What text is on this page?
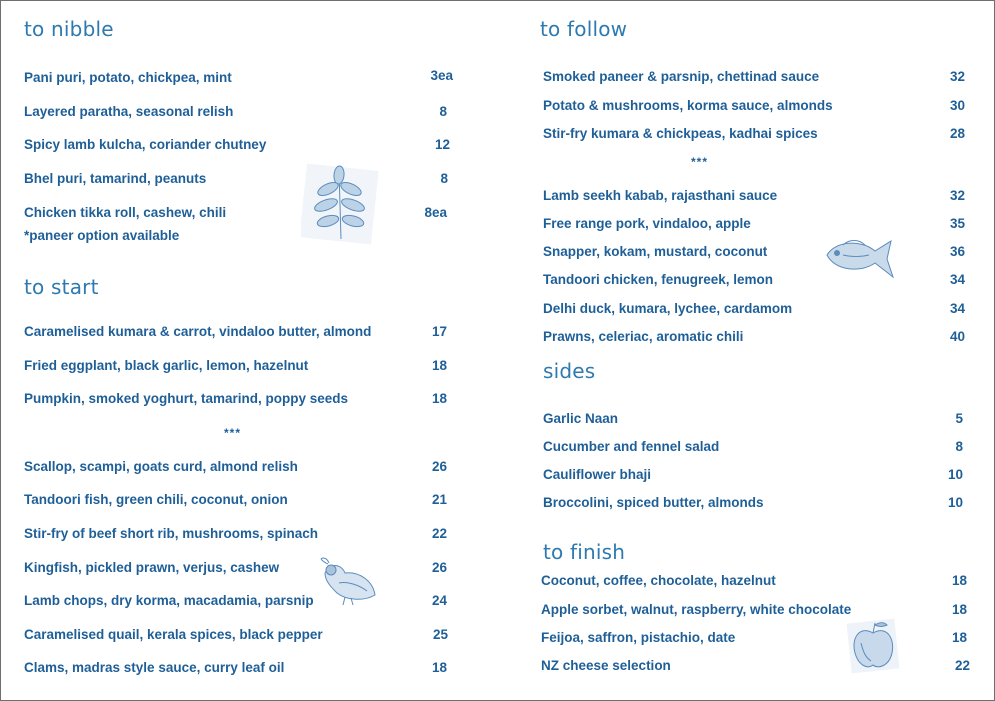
to nibble
Pani puri, potato, chickpea, mint	3ea
Layered paratha, seasonal relish	8
Spicy lamb kulcha, coriander chutney	12
Bhel puri, tamarind, peanuts	8
Chicken tikka roll, cashew, chili	8ea
*paneer option available
to start
Caramelised kumara & carrot, vindaloo butter, almond	17
Fried eggplant, black garlic, lemon, hazelnut	18
Pumpkin, smoked yoghurt, tamarind, poppy seeds	18
***
Scallop, scampi, goats curd, almond relish	26
Tandoori fish, green chili, coconut, onion	21
Stir-fry of beef short rib, mushrooms, spinach	22
Kingfish, pickled prawn, verjus, cashew	26
Lamb chops, dry korma, macadamia, parsnip	24
Caramelised quail, kerala spices, black pepper	25
Clams, madras style sauce, curry leaf oil	18
to follow
Smoked paneer & parsnip, chettinad sauce	32
Potato & mushrooms, korma sauce, almonds	30
Stir-fry kumara & chickpeas, kadhai spices	28
***
Lamb seekh kabab, rajasthani sauce	32
Free range pork, vindaloo, apple	35
Snapper, kokam, mustard, coconut	36
Tandoori chicken, fenugreek, lemon	34
Delhi duck, kumara, lychee, cardamom	34
Prawns, celeriac, aromatic chili	40
sides
Garlic Naan	5
Cucumber and fennel salad	8
Cauliflower bhaji	10
Broccolini, spiced butter, almonds	10
to finish
Coconut, coffee, chocolate, hazelnut	18
Apple sorbet, walnut, raspberry, white chocolate	18
Feijoa, saffron, pistachio, date	18
NZ cheese selection	22
